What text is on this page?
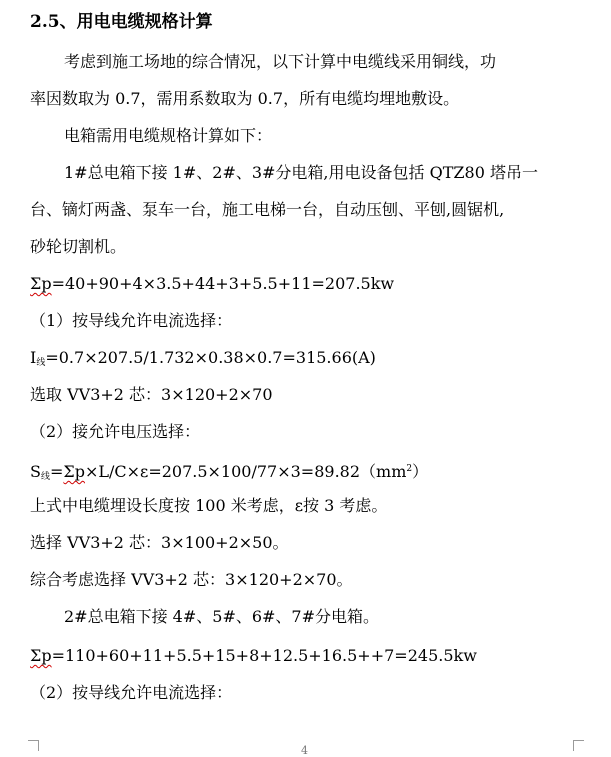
2.5、用电电缆规格计算
考虑到施工场地的综合情况，以下计算中电缆线采用铜线，功
率因数取为 0.7，需用系数取为 0.7，所有电缆均埋地敷设。
电箱需用电缆规格计算如下：
1#总电箱下接 1#、2#、3#分电箱,用电设备包括 QTZ80 塔吊一
台、镝灯两盏、泵车一台，施工电梯一台，自动压刨、平刨,圆锯机,
砂轮切割机。
Σp=40+90+4×3.5+44+3+5.5+11=207.5kw
（1）按导线允许电流选择：
$I_线=0.7\times 207.5/1.732\times 0.38\times 0.7=315.66(A)$
选取 VV3+2 芯：3×120+2×70
（2）接允许电压选择：
$S_线=\Sigma p\times L/C\times\varepsilon=207.5\times 100/77\times 3=89.82(mm^2)$
上式中电缆埋设长度按 100 米考虑，ε按 3 考虑。
选择 VV3+2 芯：3×100+2×50。
综合考虑选择 VV3+2 芯：3×120+2×70。
2#总电箱下接 4#、5#、6#、7#分电箱。
Σp=110+60+11+5.5+15+8+12.5+16.5++7=245.5kw
（2）按导线允许电流选择：
4
